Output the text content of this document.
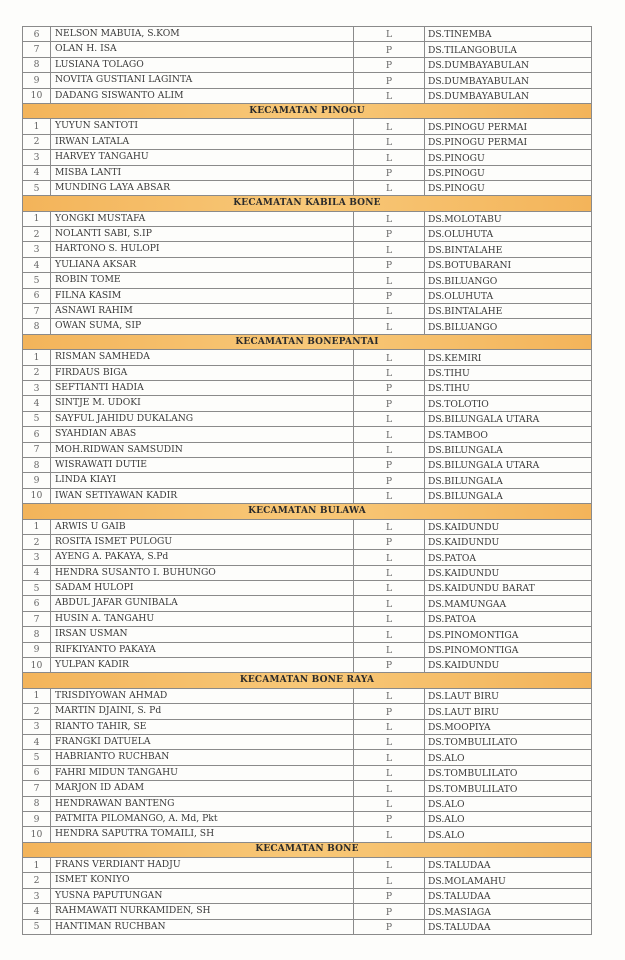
6	NELSON MABUIA, S.KOM	L	DS.TINEMBA
7	OLAN H. ISA	P	DS.TILANGOBULA
8	LUSIANA TOLAGO	P	DS.DUMBAYABULAN
9	NOVITA GUSTIANI LAGINTA	P	DS.DUMBAYABULAN
10	DADANG SISWANTO ALIM	L	DS.DUMBAYABULAN
KECAMATAN PINOGU			
1	YUYUN SANTOTI	L	DS.PINOGU PERMAI
2	IRWAN LATALA	L	DS.PINOGU PERMAI
3	HARVEY TANGAHU	L	DS.PINOGU
4	MISBA LANTI	P	DS.PINOGU
5	MUNDING LAYA ABSAR	L	DS.PINOGU
KECAMATAN KABILA BONE			
1	YONGKI MUSTAFA	L	DS.MOLOTABU
2	NOLANTI SABI, S.IP	P	DS.OLUHUTA
3	HARTONO S. HULOPI	L	DS.BINTALAHE
4	YULIANA AKSAR	P	DS.BOTUBARANI
5	ROBIN TOME	L	DS.BILUANGO
6	FILNA KASIM	P	DS.OLUHUTA
7	ASNAWI RAHIM	L	DS.BINTALAHE
8	OWAN SUMA, SIP	L	DS.BILUANGO
KECAMATAN BONEPANTAI			
1	RISMAN SAMHEDA	L	DS.KEMIRI
2	FIRDAUS BIGA	L	DS.TIHU
3	SEFTIANTI HADIA	P	DS.TIHU
4	SINTJE M. UDOKI	P	DS.TOLOTIO
5	SAYFUL JAHIDU DUKALANG	L	DS.BILUNGALA UTARA
6	SYAHDIAN ABAS	L	DS.TAMBOO
7	MOH.RIDWAN SAMSUDIN	L	DS.BILUNGALA
8	WISRAWATI DUTIE	P	DS.BILUNGALA UTARA
9	LINDA KIAYI	P	DS.BILUNGALA
10	IWAN SETIYAWAN KADIR	L	DS.BILUNGALA
KECAMATAN BULAWA			
1	ARWIS U GAIB	L	DS.KAIDUNDU
2	ROSITA ISMET PULOGU	P	DS.KAIDUNDU
3	AYENG A. PAKAYA, S.Pd	L	DS.PATOA
4	HENDRA SUSANTO I. BUHUNGO	L	DS.KAIDUNDU
5	SADAM HULOPI	L	DS.KAIDUNDU BARAT
6	ABDUL JAFAR GUNIBALA	L	DS.MAMUNGAA
7	HUSIN A. TANGAHU	L	DS.PATOA
8	IRSAN USMAN	L	DS.PINOMONTIGA
9	RIFKIYANTO PAKAYA	L	DS.PINOMONTIGA
10	YULPAN KADIR	P	DS.KAIDUNDU
KECAMATAN BONE RAYA			
1	TRISDIYOWAN AHMAD	L	DS.LAUT BIRU
2	MARTIN DJAINI, S. Pd	P	DS.LAUT BIRU
3	RIANTO TAHIR, SE	L	DS.MOOPIYA
4	FRANGKI DATUELA	L	DS.TOMBULILATO
5	HABRIANTO RUCHBAN	L	DS.ALO
6	FAHRI MIDUN TANGAHU	L	DS.TOMBULILATO
7	MARJON ID ADAM	L	DS.TOMBULILATO
8	HENDRAWAN BANTENG	L	DS.ALO
9	PATMITA PILOMANGO, A. Md, Pkt	P	DS.ALO
10	HENDRA SAPUTRA TOMAILI, SH	L	DS.ALO
KECAMATAN BONE			
1	FRANS VERDIANT HADJU	L	DS.TALUDAA
2	ISMET KONIYO	L	DS.MOLAMAHU
3	YUSNA PAPUTUNGAN	P	DS.TALUDAA
4	RAHMAWATI NURKAMIDEN, SH	P	DS.MASIAGA
5	HANTIMAN RUCHBAN	P	DS.TALUDAA
